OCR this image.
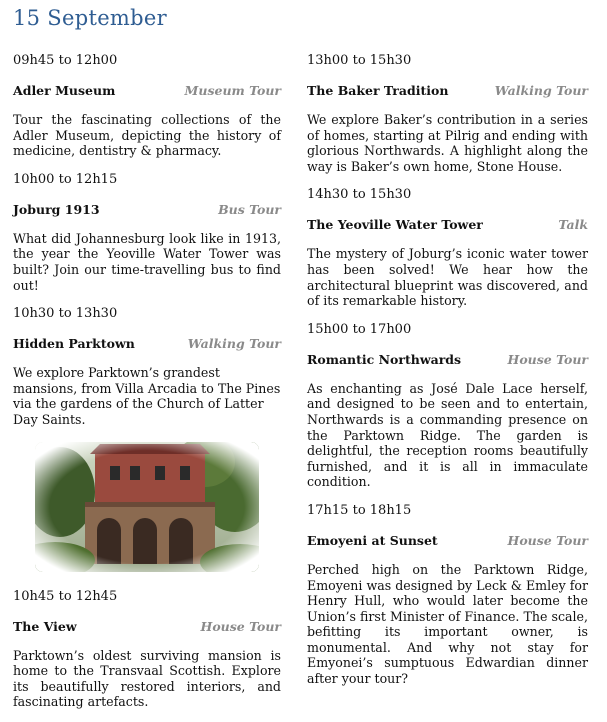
15 September
09h45 to 12h00
Adler Museum	Museum Tour
Tour the fascinating collections of the Adler Museum, depicting the history of medicine, dentistry & pharmacy.
10h00 to 12h15
Joburg 1913	Bus Tour
What did Johannesburg look like in 1913, the year the Yeoville Water Tower was built? Join our time-travelling bus to find out!
10h30 to 13h30
Hidden Parktown	Walking Tour
We explore Parktown’s grandest mansions, from Villa Arcadia to The Pines via the gardens of the Church of Latter Day Saints.
10h45 to 12h45
The View	House Tour
Parktown’s oldest surviving mansion is home to the Transvaal Scottish. Explore its beautifully restored interiors, and fascinating artefacts.
13h00 to 15h30
The Baker Tradition	Walking Tour
We explore Baker’s contribution in a series of homes, starting at Pilrig and ending with glorious Northwards. A highlight along the way is Baker’s own home, Stone House.
14h30 to 15h30
The Yeoville Water Tower	Talk
The mystery of Joburg’s iconic water tower has been solved! We hear how the architectural blueprint was discovered, and of its remarkable history.
15h00 to 17h00
Romantic Northwards	House Tour
As enchanting as José Dale Lace herself, and designed to be seen and to entertain, Northwards is a commanding presence on the Parktown Ridge. The garden is delightful, the reception rooms beautifully furnished, and it is all in immaculate condition.
17h15 to 18h15
Emoyeni at Sunset	House Tour
Perched high on the Parktown Ridge, Emoyeni was designed by Leck & Emley for Henry Hull, who would later become the Union’s first Minister of Finance. The scale, befitting its important owner, is monumental. And why not stay for Emyonei’s sumptuous Edwardian dinner after your tour?
